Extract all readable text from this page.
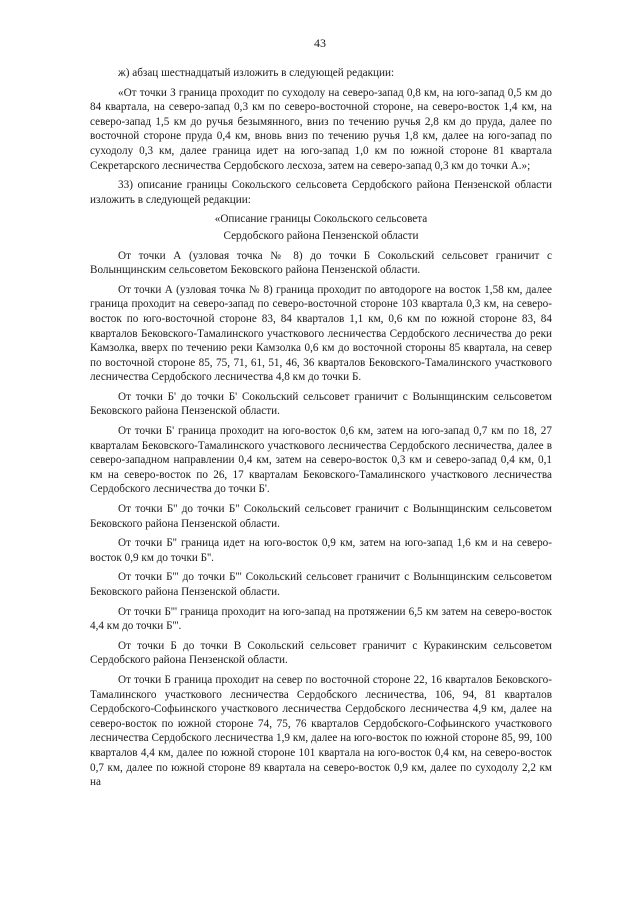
43

ж) абзац шестнадцатый изложить в следующей редакции:

«От точки З граница проходит по суходолу на северо-запад 0,8 км, на юго-запад 0,5 км до 84 квартала, на северо-запад 0,3 км по северо-восточной стороне, на северо-восток 1,4 км, на северо-запад 1,5 км до ручья безымянного, вниз по течению ручья 2,8 км до пруда, далее по восточной стороне пруда 0,4 км, вновь вниз по течению ручья 1,8 км, далее на юго-запад по суходолу 0,3 км, далее граница идет на юго-запад 1,0 км по южной стороне 81 квартала Секретарского лесничества Сердобского лесхоза, затем на северо-запад 0,3 км до точки А.»;

33) описание границы Сокольского сельсовета Сердобского района Пензенской области изложить в следующей редакции:

«Описание границы Сокольского сельсовета

Сердобского района Пензенской области

От точки А (узловая точка № 8) до точки Б Сокольский сельсовет граничит с Волынщинским сельсоветом Бековского района Пензенской области.

От точки А (узловая точка № 8) граница проходит по автодороге на восток 1,58 км, далее граница проходит на северо-запад по северо-восточной стороне 103 квартала 0,3 км, на северо-восток по юго-восточной стороне 83, 84 кварталов 1,1 км, 0,6 км по южной стороне 83, 84 кварталов Бековского-Тамалинского участкового лесничества Сердобского лесничества до реки Камзолка, вверх по течению реки Камзолка 0,6 км до восточной стороны 85 квартала, на север по восточной стороне 85, 75, 71, 61, 51, 46, 36 кварталов Бековского-Тамалинского участкового лесничества Сердобского лесничества 4,8 км до точки Б.

От точки Б' до точки Б' Сокольский сельсовет граничит с Волынщинским сельсоветом Бековского района Пензенской области.

От точки Б' граница проходит на юго-восток 0,6 км, затем на юго-запад 0,7 км по 18, 27 кварталам Бековского-Тамалинского участкового лесничества Сердобского лесничества, далее в северо-западном направлении 0,4 км, затем на северо-восток 0,3 км и северо-запад 0,4 км, 0,1 км на северо-восток по 26, 17 кварталам Бековского-Тамалинского участкового лесничества Сердобского лесничества до точки Б'.

От точки Б'' до точки Б'' Сокольский сельсовет граничит с Волынщинским сельсоветом Бековского района Пензенской области.

От точки Б'' граница идет на юго-восток 0,9 км, затем на юго-запад 1,6 км и на северо-восток 0,9 км до точки Б''.

От точки Б''' до точки Б''' Сокольский сельсовет граничит с Волынщинским сельсоветом Бековского района Пензенской области.

От точки Б''' граница проходит на юго-запад на протяжении 6,5 км затем на северо-восток 4,4 км до точки Б'''.

От точки Б до точки В Сокольский сельсовет граничит с Куракинским сельсоветом Сердобского района Пензенской области.

От точки Б граница проходит на север по восточной стороне 22, 16 кварталов Бековского-Тамалинского участкового лесничества Сердобского лесничества, 106, 94, 81 кварталов Сердобского-Софьинского участкового лесничества Сердобского лесничества 4,9 км, далее на северо-восток по южной стороне 74, 75, 76 кварталов Сердобского-Софьинского участкового лесничества Сердобского лесничества 1,9 км, далее на юго-восток по южной стороне 85, 99, 100 кварталов 4,4 км, далее по южной стороне 101 квартала на юго-восток 0,4 км, на северо-восток 0,7 км, далее по южной стороне 89 квартала на северо-восток 0,9 км, далее по суходолу 2,2 км на
